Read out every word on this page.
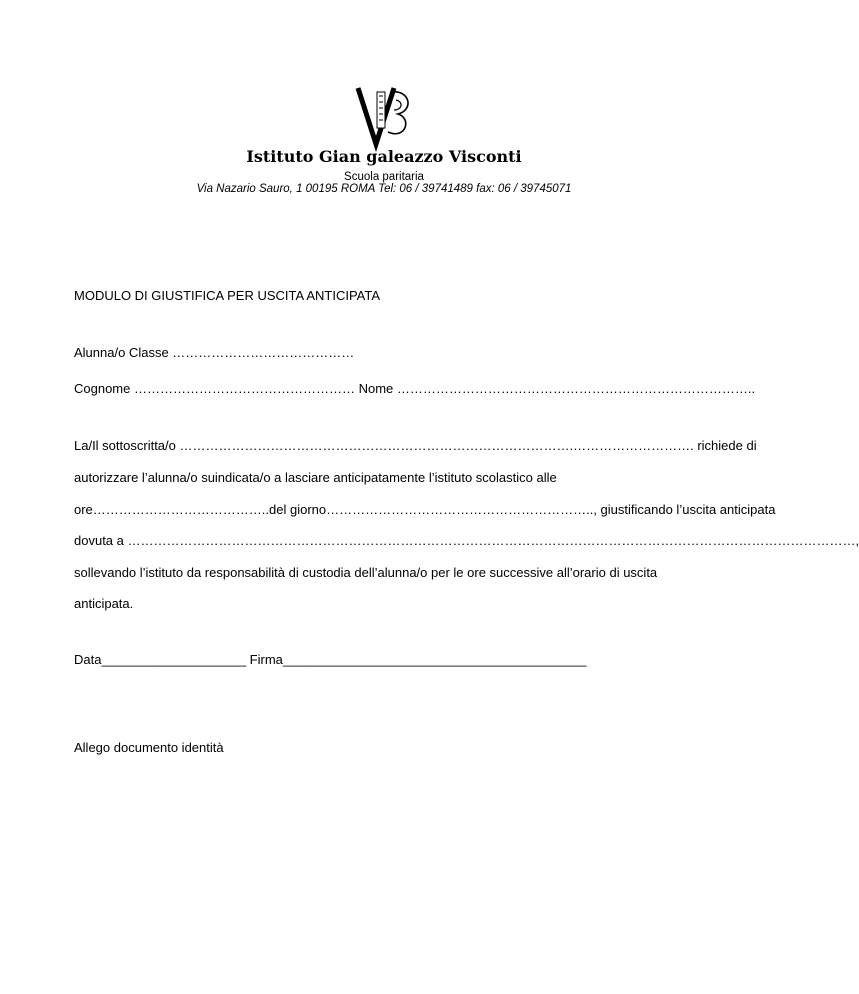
Istituto Gian galeazzo Visconti
Scuola paritaria
Via Nazario Sauro, 1 00195 ROMA Tel: 06 / 39741489 fax: 06 / 39745071
MODULO DI GIUSTIFICA PER USCITA ANTICIPATA
Alunna/o Classe ……………………………………
Cognome …………………………………………… Nome ………………………………………………………………………..
La/Il sottoscritta/o ……………………………………………………………………………….………………………. richiede di
autorizzare l’alunna/o suindicata/o a lasciare anticipatamente l’istituto scolastico alle
ore…………………………………..del giorno…………………………………………………….., giustificando l’uscita anticipata
dovuta a ……………………………………………………………………………………………………………………………………………………,
sollevando l’istituto da responsabilità di custodia dell’alunna/o per le ore successive all’orario di uscita
anticipata.
Data____________________ Firma__________________________________________
Allego documento identità
